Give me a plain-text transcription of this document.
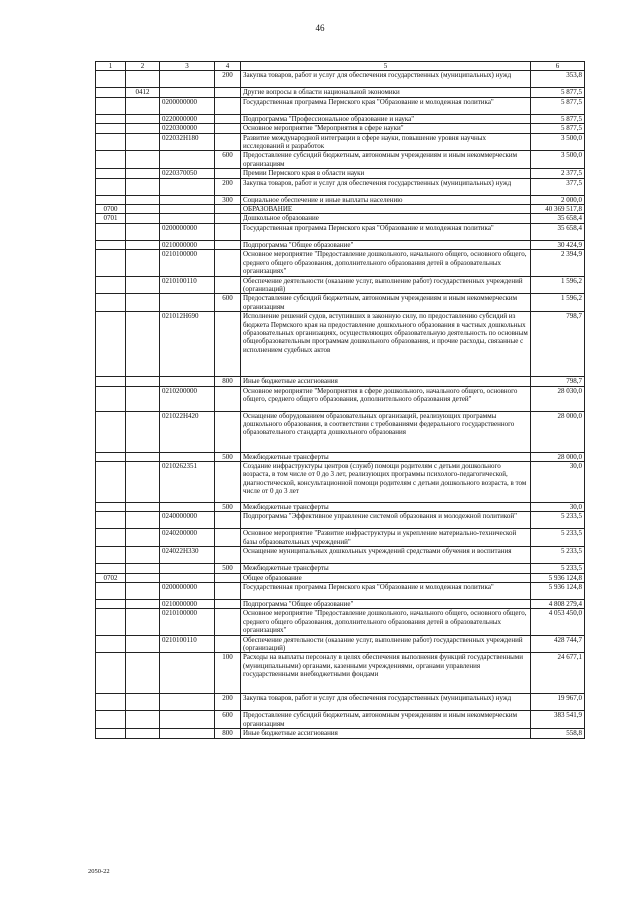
46
1	2	3	4	5	6
			200	Закупка товаров, работ и услуг для обеспечения государственных (муниципальных) нужд	353,8
	0412			Другие вопросы в области национальной экономики	5 877,5
		0200000000		Государственная программа Пермского края "Образование и молодежная политика"	5 877,5
		0220000000		Подпрограмма "Профессиональное образование и наука"	5 877,5
		0220300000		Основное мероприятие "Мероприятия в сфере науки"	5 877,5
		022032Н180		Развитие международной интеграции в сфере науки, повышение уровня научных исследований и разработок	3 500,0
			600	Предоставление субсидий бюджетным, автономным учреждениям и иным некоммерческим организациям	3 500,0
		0220370050		Премии Пермского края в области науки	2 377,5
			200	Закупка товаров, работ и услуг для обеспечения государственных (муниципальных) нужд	377,5
			300	Социальное обеспечение и иные выплаты населению	2 000,0
0700				ОБРАЗОВАНИЕ	40 369 517,8
0701				Дошкольное образование	35 658,4
		0200000000		Государственная программа Пермского края "Образование и молодежная политика"	35 658,4
		0210000000		Подпрограмма "Общее образование"	30 424,9
		0210100000		Основное мероприятие "Предоставление дошкольного, начального общего, основного общего, среднего общего образования, дополнительного образования детей в образовательных организациях"	2 394,9
		0210100110		Обеспечение деятельности (оказание услуг, выполнение работ) государственных учреждений (организаций)	1 596,2
			600	Предоставление субсидий бюджетным, автономным учреждениям и иным некоммерческим организациям	1 596,2
		021012Н690		Исполнение решений судов, вступивших в законную силу, по предоставлению субсидий из бюджета Пермского края на предоставление дошкольного образования в частных дошкольных образовательных организациях, осуществляющих образовательную деятельность по основным общеобразовательным программам дошкольного образования, и прочие расходы, связанные с исполнением судебных актов	798,7
			800	Иные бюджетные ассигнования	798,7
		0210200000		Основное мероприятие "Мероприятия в сфере дошкольного, начального общего, основного общего, среднего общего образования, дополнительного образования детей"	28 030,0
		021022Н420		Оснащение оборудованием образовательных организаций, реализующих программы дошкольного образования, в соответствии с требованиями федерального государственного образовательного стандарта дошкольного образования	28 000,0
			500	Межбюджетные трансферты	28 000,0
		0210262351		Создание инфраструктуры центров (служб) помощи родителям с детьми дошкольного возраста, в том числе от 0 до 3 лет, реализующих программы психолого-педагогической, диагностической, консультационной помощи родителям с детьми дошкольного возраста, в том числе от 0 до 3 лет	30,0
			500	Межбюджетные трансферты	30,0
		0240000000		Подпрограмма "Эффективное управление системой образования и молодежной политикой"	5 233,5
		0240200000		Основное мероприятие "Развитие инфраструктуры и укрепление материально-технической базы образовательных учреждений"	5 233,5
		024022Н330		Оснащение муниципальных дошкольных учреждений средствами обучения и воспитания	5 233,5
			500	Межбюджетные трансферты	5 233,5
0702				Общее образование	5 936 124,8
		0200000000		Государственная программа Пермского края "Образование и молодежная политика"	5 936 124,8
		0210000000		Подпрограмма "Общее образование"	4 808 279,4
		0210100000		Основное мероприятие "Предоставление дошкольного, начального общего, основного общего, среднего общего образования, дополнительного образования детей в образовательных организациях"	4 053 450,0
		0210100110		Обеспечение деятельности (оказание услуг, выполнение работ) государственных учреждений (организаций)	428 744,7
			100	Расходы на выплаты персоналу в целях обеспечения выполнения функций государственными (муниципальными) органами, казенными учреждениями, органами управления государственными внебюджетными фондами	24 677,1
			200	Закупка товаров, работ и услуг для обеспечения государственных (муниципальных) нужд	19 967,0
			600	Предоставление субсидий бюджетным, автономным учреждениям и иным некоммерческим организациям	383 541,9
			800	Иные бюджетные ассигнования	558,8
2050-22
